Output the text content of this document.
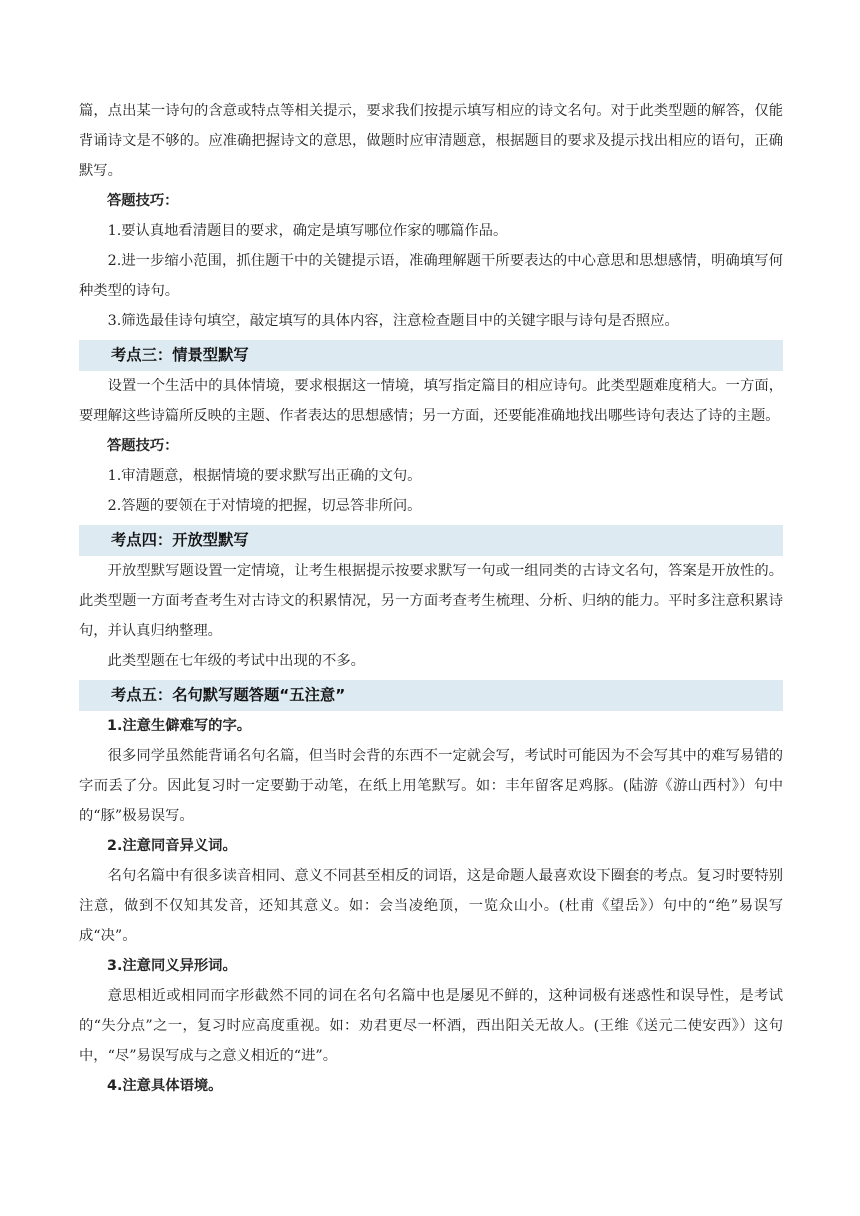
篇，点出某一诗句的含意或特点等相关提示，要求我们按提示填写相应的诗文名句。对于此类型题的解答，仅能背诵诗文是不够的。应准确把握诗文的意思，做题时应审清题意，根据题目的要求及提示找出相应的语句，正确默写。

答题技巧：

1.要认真地看清题目的要求，确定是填写哪位作家的哪篇作品。

2.进一步缩小范围，抓住题干中的关键提示语，准确理解题干所要表达的中心意思和思想感情，明确填写何种类型的诗句。

3.筛选最佳诗句填空，敲定填写的具体内容，注意检查题目中的关键字眼与诗句是否照应。

考点三：情景型默写

设置一个生活中的具体情境，要求根据这一情境，填写指定篇目的相应诗句。此类型题难度稍大。一方面，要理解这些诗篇所反映的主题、作者表达的思想感情；另一方面，还要能准确地找出哪些诗句表达了诗的主题。

答题技巧：

1.审清题意，根据情境的要求默写出正确的文句。

2.答题的要领在于对情境的把握，切忌答非所问。

考点四：开放型默写

开放型默写题设置一定情境，让考生根据提示按要求默写一句或一组同类的古诗文名句，答案是开放性的。此类型题一方面考查考生对古诗文的积累情况，另一方面考查考生梳理、分析、归纳的能力。平时多注意积累诗句，并认真归纳整理。

此类型题在七年级的考试中出现的不多。

考点五：名句默写题答题“五注意”

1.注意生僻难写的字。

很多同学虽然能背诵名句名篇，但当时会背的东西不一定就会写，考试时可能因为不会写其中的难写易错的字而丢了分。因此复习时一定要勤于动笔，在纸上用笔默写。如：丰年留客足鸡豚。(陆游《游山西村》）句中的“豚”极易误写。

2.注意同音异义词。

名句名篇中有很多读音相同、意义不同甚至相反的词语，这是命题人最喜欢设下圈套的考点。复习时要特别注意，做到不仅知其发音，还知其意义。如：会当凌绝顶，一览众山小。(杜甫《望岳》）句中的“绝”易误写成“决”。

3.注意同义异形词。

意思相近或相同而字形截然不同的词在名句名篇中也是屡见不鲜的，这种词极有迷惑性和误导性，是考试的“失分点”之一，复习时应高度重视。如：劝君更尽一杯酒，西出阳关无故人。(王维《送元二使安西》）这句中，“尽”易误写成与之意义相近的“进”。

4.注意具体语境。
